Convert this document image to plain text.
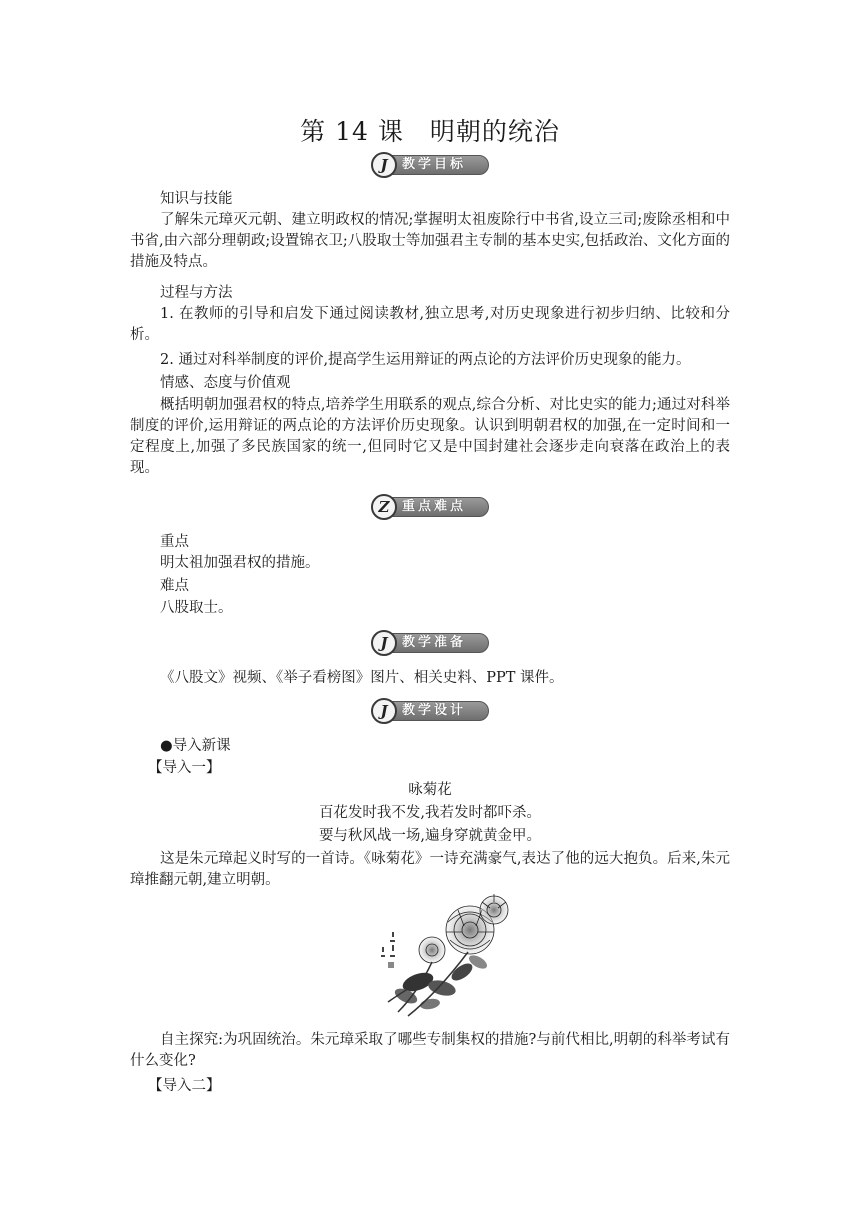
第 14 课　明朝的统治
教学目标
J
知识与技能
了解朱元璋灭元朝、建立明政权的情况;掌握明太祖废除行中书省,设立三司;废除丞相和中书省,由六部分理朝政;设置锦衣卫;八股取士等加强君主专制的基本史实,包括政治、文化方面的措施及特点。
过程与方法
1. 在教师的引导和启发下通过阅读教材,独立思考,对历史现象进行初步归纳、比较和分析。
2. 通过对科举制度的评价,提高学生运用辩证的两点论的方法评价历史现象的能力。
情感、态度与价值观
概括明朝加强君权的特点,培养学生用联系的观点,综合分析、对比史实的能力;通过对科举制度的评价,运用辩证的两点论的方法评价历史现象。认识到明朝君权的加强,在一定时间和一定程度上,加强了多民族国家的统一,但同时它又是中国封建社会逐步走向衰落在政治上的表现。
重点难点
Z
重点
明太祖加强君权的措施。
难点
八股取士。
教学准备
J
《八股文》视频、《举子看榜图》图片、相关史料、PPT 课件。
教学设计
J
●导入新课
【导入一】
咏菊花
百花发时我不发,我若发时都吓杀。
要与秋风战一场,遍身穿就黄金甲。
这是朱元璋起义时写的一首诗。《咏菊花》一诗充满豪气,表达了他的远大抱负。后来,朱元璋推翻元朝,建立明朝。
自主探究:为巩固统治。朱元璋采取了哪些专制集权的措施?与前代相比,明朝的科举考试有什么变化?
【导入二】
